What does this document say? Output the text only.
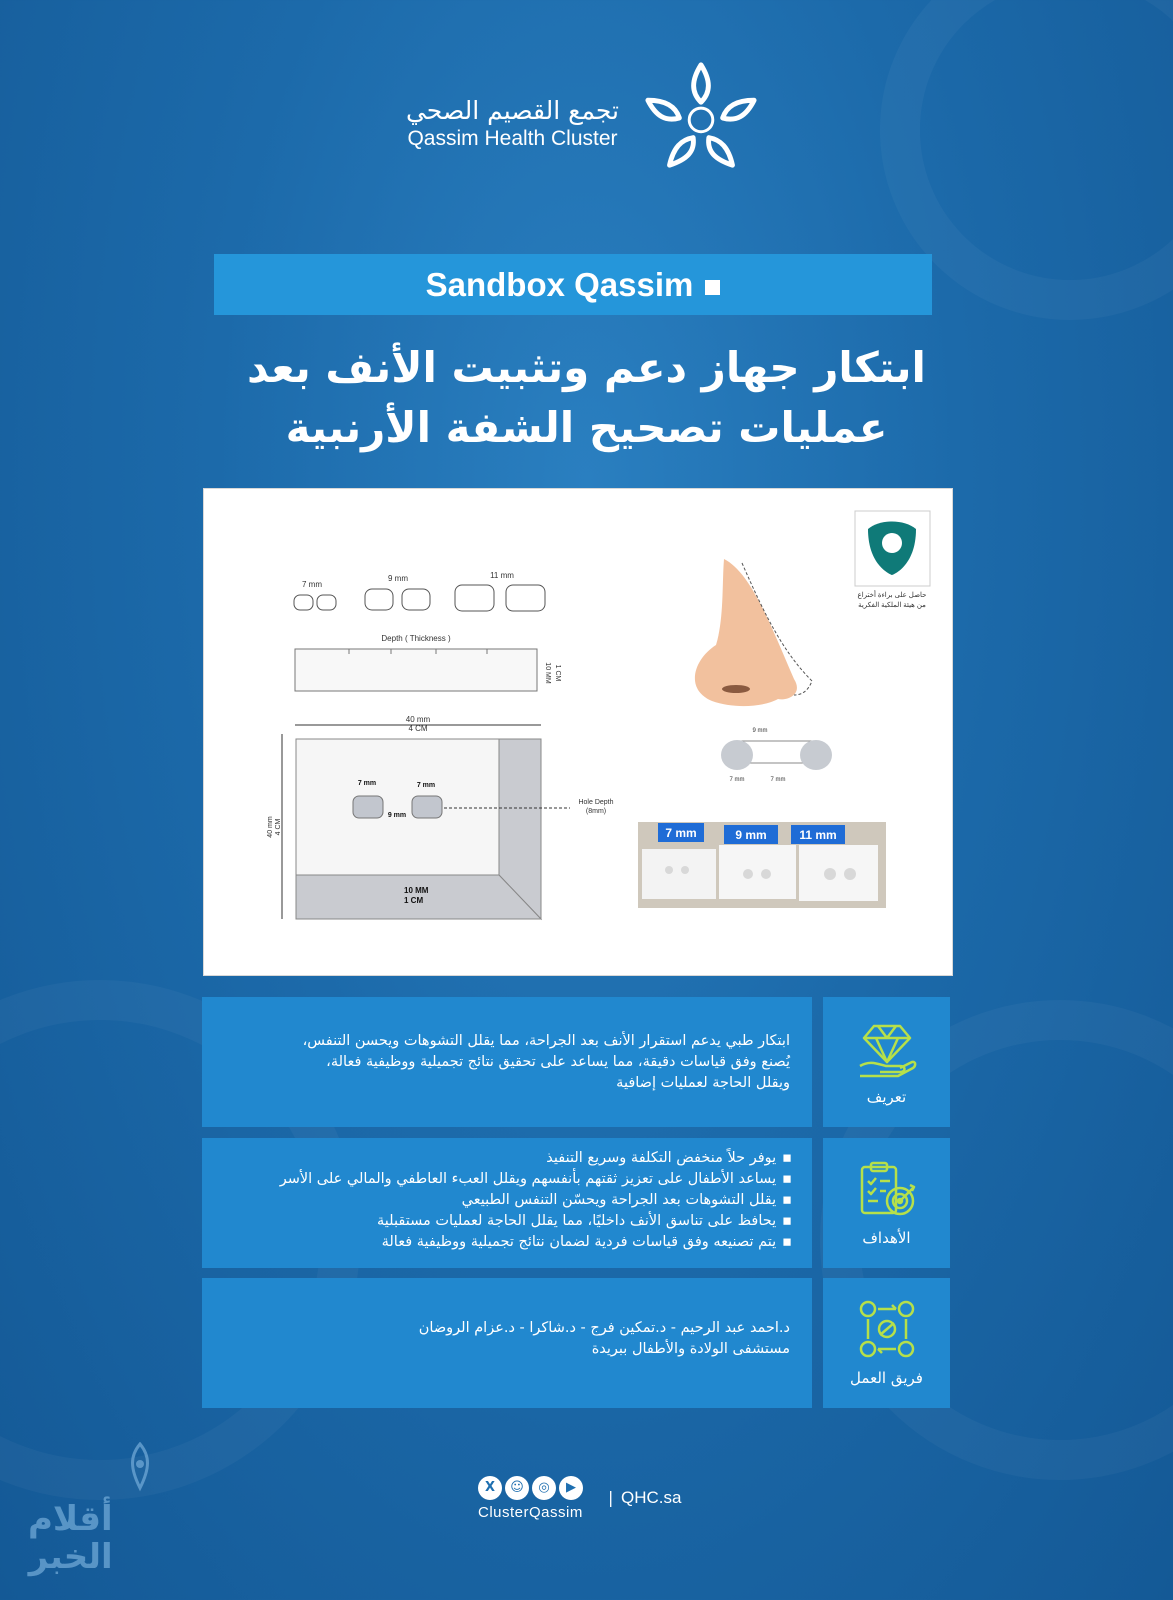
تجمع القصيم الصحي
Qassim Health Cluster
Sandbox Qassim
ابتكار جهاز دعم وتثبيت الأنف بعد
عمليات تصحيح الشفة الأرنبية
7 mm
9 mm	11 mm
Depth ( Thickness )
10 MM 1 CM
40 mm
4 CM
40 mm 4 CM
7 mm	7 mm
9 mm
Hole Depth
(8mm)
10 MM
1 CM
حاصل على براءة أختراع
من هيئة الملكية الفكرية
9 mm
7 mm	7 mm
7 mm	9 mm	11 mm

ابتكار طبي يدعم استقرار الأنف بعد الجراحة، مما يقلل التشوهات ويحسن التنفس،

يُصنع وفق قياسات دقيقة، مما يساعد على تحقيق نتائج تجميلية ووظيفية فعالة،

ويقلل الحاجة لعمليات إضافية

تعريف
▪ يوفر حلاً منخفض التكلفة وسريع التنفيذ
▪ يساعد الأطفال على تعزيز ثقتهم بأنفسهم ويقلل العبء العاطفي والمالي على الأسر
▪ يقلل التشوهات بعد الجراحة ويحسّن التنفس الطبيعي
▪ يحافظ على تناسق الأنف داخليًا، مما يقلل الحاجة لعمليات مستقبلية
▪ يتم تصنيعه وفق قياسات فردية لضمان نتائج تجميلية ووظيفية فعالة	الأهداف

د.احمد عبد الرحيم - د.تمكين فرج - د.شاكرا - د.عزام الروضان

مستشفى الولادة والأطفال ببريدة

فريق العمل
X	☺	◎	▶
ClusterQassim
| QHC.sa
أقلام
الخبر
